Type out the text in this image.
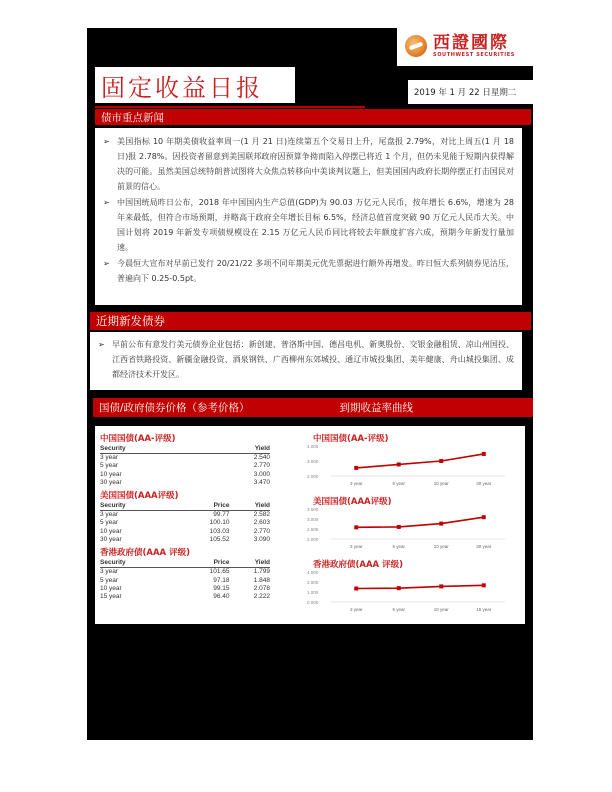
西證國際
SOUTHWEST SECURITIES
固定收益日报	2019 年 1 月 22 日星期二
债市重点新闻
➢ 美国指标 10 年期美债收益率周一(1 月 21 日)连续第五个交易日上升，尾盘报 2.79%，对比上周五(1 月 18 日)报 2.78%。因投资者留意到美国联邦政府因预算争拗而陷入停摆已将近 1 个月，但仍未见能于短期内获得解决的可能。虽然美国总统特朗普试图将大众焦点转移向中美谈判议题上，但美国国内政府长期停摆正打击国民对前景的信心。
➢ 中国国统局昨日公布，2018 年中国国内生产总值(GDP)为 90.03 万亿元人民币，按年增长 6.6%，增速为 28 年来最低，但符合市场预期，并略高于政府全年增长目标 6.5%，经济总值首度突破 90 万亿元人民币大关。中国计划将 2019 年新发专项债规模设在 2.15 万亿元人民币同比将较去年额度扩容六成，预期今年新发行量加速。
➢ 今晨恒大宣布对早前已发行 20/21/22 多项不同年期美元优先票据进行额外再增发。昨日恒大系列债券见沽压，普遍向下 0.25-0.5pt。
近期新发债券
➢ 早前公布有意发行美元债券企业包括：新创建、普洛斯中国、德昌电机、新奥股份、交银金融租赁、凉山州国投、江西省铁路投资、新疆金融投资、酒泉钢铁、广西柳州东郊城投、通辽市城投集团、美年健康、舟山城投集团、成都经济技术开发区。
国债/政府债券价格（参考价格）	到期收益率曲线
中国国债(AA-评级)
Security		Yield
3 year		2.540
5 year		2.770
10 year		3.000
30 year		3.470
美国国债(AAA评级)
Security	Price	Yield
3 year	99.77	2.582
5 year	100.10	2.603
10 year	103.03	2.770
30 year	105.52	3.090
香港政府债(AAA 评级)
Security	Price	Yield
3 year	101.65	1.799
5 year	97.18	1.848
10 year	99.15	2.078
15 year	96.40	2.222
中国国债(AA-评级)
2.000
3.000
4.000
3 year	5 year	10 year	30 year
美国国债(AAA评级)
2.000
2.500
3.000
3.500
3 year	5 year	10 year	30 year
香港政府债(AAA 评级)
0.000
1.000
2.000
4.000
3 year	5 year	10 year	15 year
